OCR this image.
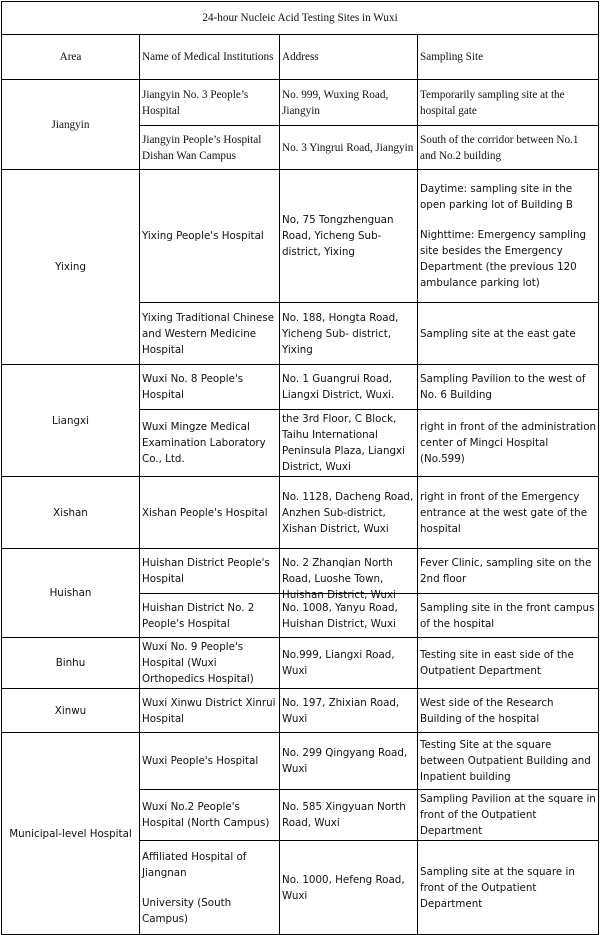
24-hour Nucleic Acid Testing Sites in Wuxi			
Area	Name of Medical Institutions	Address	Sampling Site
Jiangyin	Jiangyin No. 3 People’s Hospital	No. 999, Wuxing Road, Jiangyin	Temporarily sampling site at the hospital gate
	Jiangyin People’s Hospital Dishan Wan Campus	No. 3 Yingrui Road, Jiangyin	South of the corridor between No.1 and No.2 building
Yixing	Yixing People's Hospital	No, 75 Tongzhenguan Road, Yicheng Sub-district, Yixing	Daytime: sampling site in the open parking lot of Building B
Nighttime: Emergency sampling site besides the Emergency Department (the previous 120 ambulance parking lot)
	Yixing Traditional Chinese and Western Medicine Hospital	No. 188, Hongta Road, Yicheng Sub- district, Yixing	Sampling site at the east gate
Liangxi	Wuxi No. 8 People's Hospital	No. 1 Guangrui Road, Liangxi District, Wuxi.	Sampling Pavilion to the west of No. 6 Building
	Wuxi Mingze Medical Examination Laboratory Co., Ltd.	the 3rd Floor, C Block, Taihu International Peninsula Plaza, Liangxi District, Wuxi	right in front of the administration center of Mingci Hospital (No.599)
Xishan	Xishan People's Hospital	No. 1128, Dacheng Road, Anzhen Sub-district, Xishan District, Wuxi	right in front of the Emergency entrance at the west gate of the hospital
Huishan	Huishan District People's Hospital	No. 2 Zhanqian North Road, Luoshe Town, Huishan District, Wuxi	Fever Clinic, sampling site on the 2nd floor
	Huishan District No. 2 People's Hospital	No. 1008, Yanyu Road, Huishan District, Wuxi	Sampling site in the front campus of the hospital
Binhu	Wuxi No. 9 People's Hospital (Wuxi Orthopedics Hospital)	No.999, Liangxi Road, Wuxi	Testing site in east side of the Outpatient Department
Xinwu	Wuxi Xinwu District Xinrui Hospital	No. 197, Zhixian Road, Wuxi	West side of the Research Building of the hospital
Municipal-level Hospital	Wuxi People's Hospital	No. 299 Qingyang Road, Wuxi	Testing Site at the square between Outpatient Building and Inpatient building
	Wuxi No.2 People's Hospital (North Campus)	No. 585 Xingyuan North Road, Wuxi	Sampling Pavilion at the square in front of the Outpatient Department
	Affiliated Hospital of Jiangnan
University (South Campus)	No. 1000, Hefeng Road, Wuxi	Sampling site at the square in front of the Outpatient Department
